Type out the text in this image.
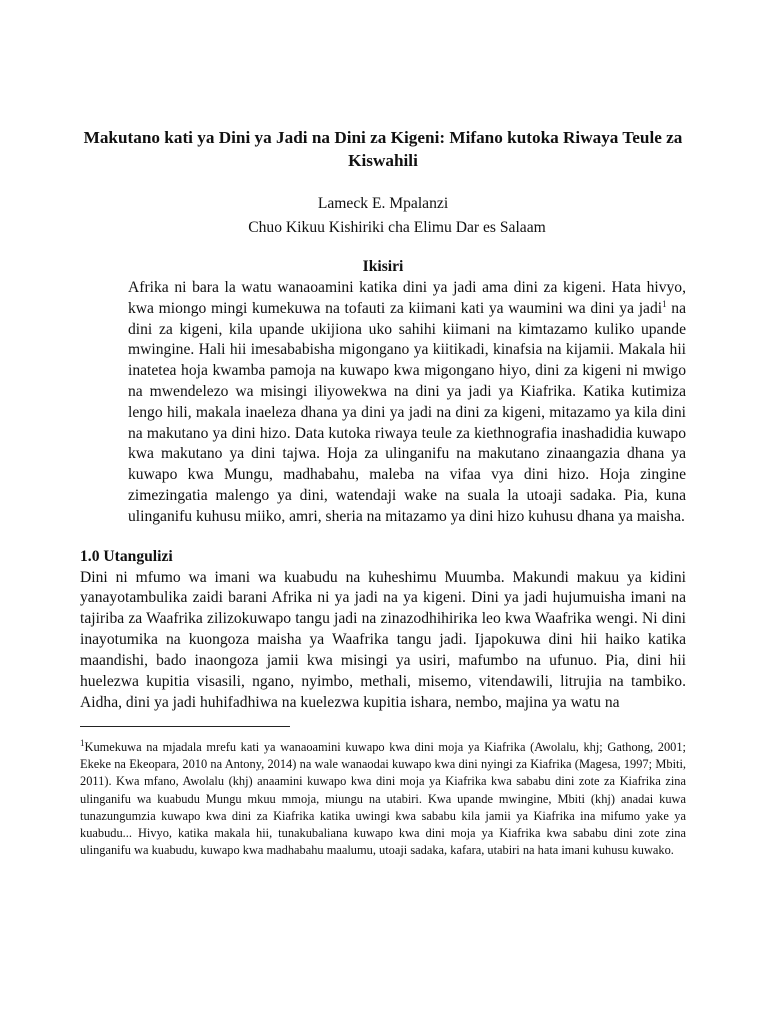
Makutano kati ya Dini ya Jadi na Dini za Kigeni: Mifano kutoka Riwaya Teule za Kiswahili

Lameck E. Mpalanzi

Chuo Kikuu Kishiriki cha Elimu Dar es Salaam

Ikisiri

Afrika ni bara la watu wanaoamini katika dini ya jadi ama dini za kigeni. Hata hivyo, kwa miongo mingi kumekuwa na tofauti za kiimani kati ya waumini wa dini ya jadi$^1$ na dini za kigeni, kila upande ukijiona uko sahihi kiimani na kimtazamo kuliko upande mwingine. Hali hii imesababisha migongano ya kiitikadi, kinafsia na kijamii. Makala hii inatetea hoja kwamba pamoja na kuwapo kwa migongano hiyo, dini za kigeni ni mwigo na mwendelezo wa misingi iliyowekwa na dini ya jadi ya Kiafrika. Katika kutimiza lengo hili, makala inaeleza dhana ya dini ya jadi na dini za kigeni, mitazamo ya kila dini na makutano ya dini hizo. Data kutoka riwaya teule za kiethnografia inashadidia kuwapo kwa makutano ya dini tajwa. Hoja za ulinganifu na makutano zinaangazia dhana ya kuwapo kwa Mungu, madhabahu, maleba na vifaa vya dini hizo. Hoja zingine zimezingatia malengo ya dini, watendaji wake na suala la utoaji sadaka. Pia, kuna ulinganifu kuhusu miiko, amri, sheria na mitazamo ya dini hizo kuhusu dhana ya maisha.

1.0 Utangulizi

Dini ni mfumo wa imani wa kuabudu na kuheshimu Muumba. Makundi makuu ya kidini yanayotambulika zaidi barani Afrika ni ya jadi na ya kigeni. Dini ya jadi hujumuisha imani na tajiriba za Waafrika zilizokuwapo tangu jadi na zinazodhihirika leo kwa Waafrika wengi. Ni dini inayotumika na kuongoza maisha ya Waafrika tangu jadi. Ijapokuwa dini hii haiko katika maandishi, bado inaongoza jamii kwa misingi ya usiri, mafumbo na ufunuo. Pia, dini hii huelezwa kupitia visasili, ngano, nyimbo, methali, misemo, vitendawili, litrujia na tambiko. Aidha, dini ya jadi huhifadhiwa na kuelezwa kupitia ishara, nembo, majina ya watu na

$^1$Kumekuwa na mjadala mrefu kati ya wanaoamini kuwapo kwa dini moja ya Kiafrika (Awolalu, khj; Gathong, 2001; Ekeke na Ekeopara, 2010 na Antony, 2014) na wale wanaodai kuwapo kwa dini nyingi za Kiafrika (Magesa, 1997; Mbiti, 2011). Kwa mfano, Awolalu (khj) anaamini kuwapo kwa dini moja ya Kiafrika kwa sababu dini zote za Kiafrika zina ulinganifu wa kuabudu Mungu mkuu mmoja, miungu na utabiri. Kwa upande mwingine, Mbiti (khj) anadai kuwa tunazungumzia kuwapo kwa dini za Kiafrika katika uwingi kwa sababu kila jamii ya Kiafrika ina mifumo yake ya kuabudu... Hivyo, katika makala hii, tunakubaliana kuwapo kwa dini moja ya Kiafrika kwa sababu dini zote zina ulinganifu wa kuabudu, kuwapo kwa madhabahu maalumu, utoaji sadaka, kafara, utabiri na hata imani kuhusu kuwako.
